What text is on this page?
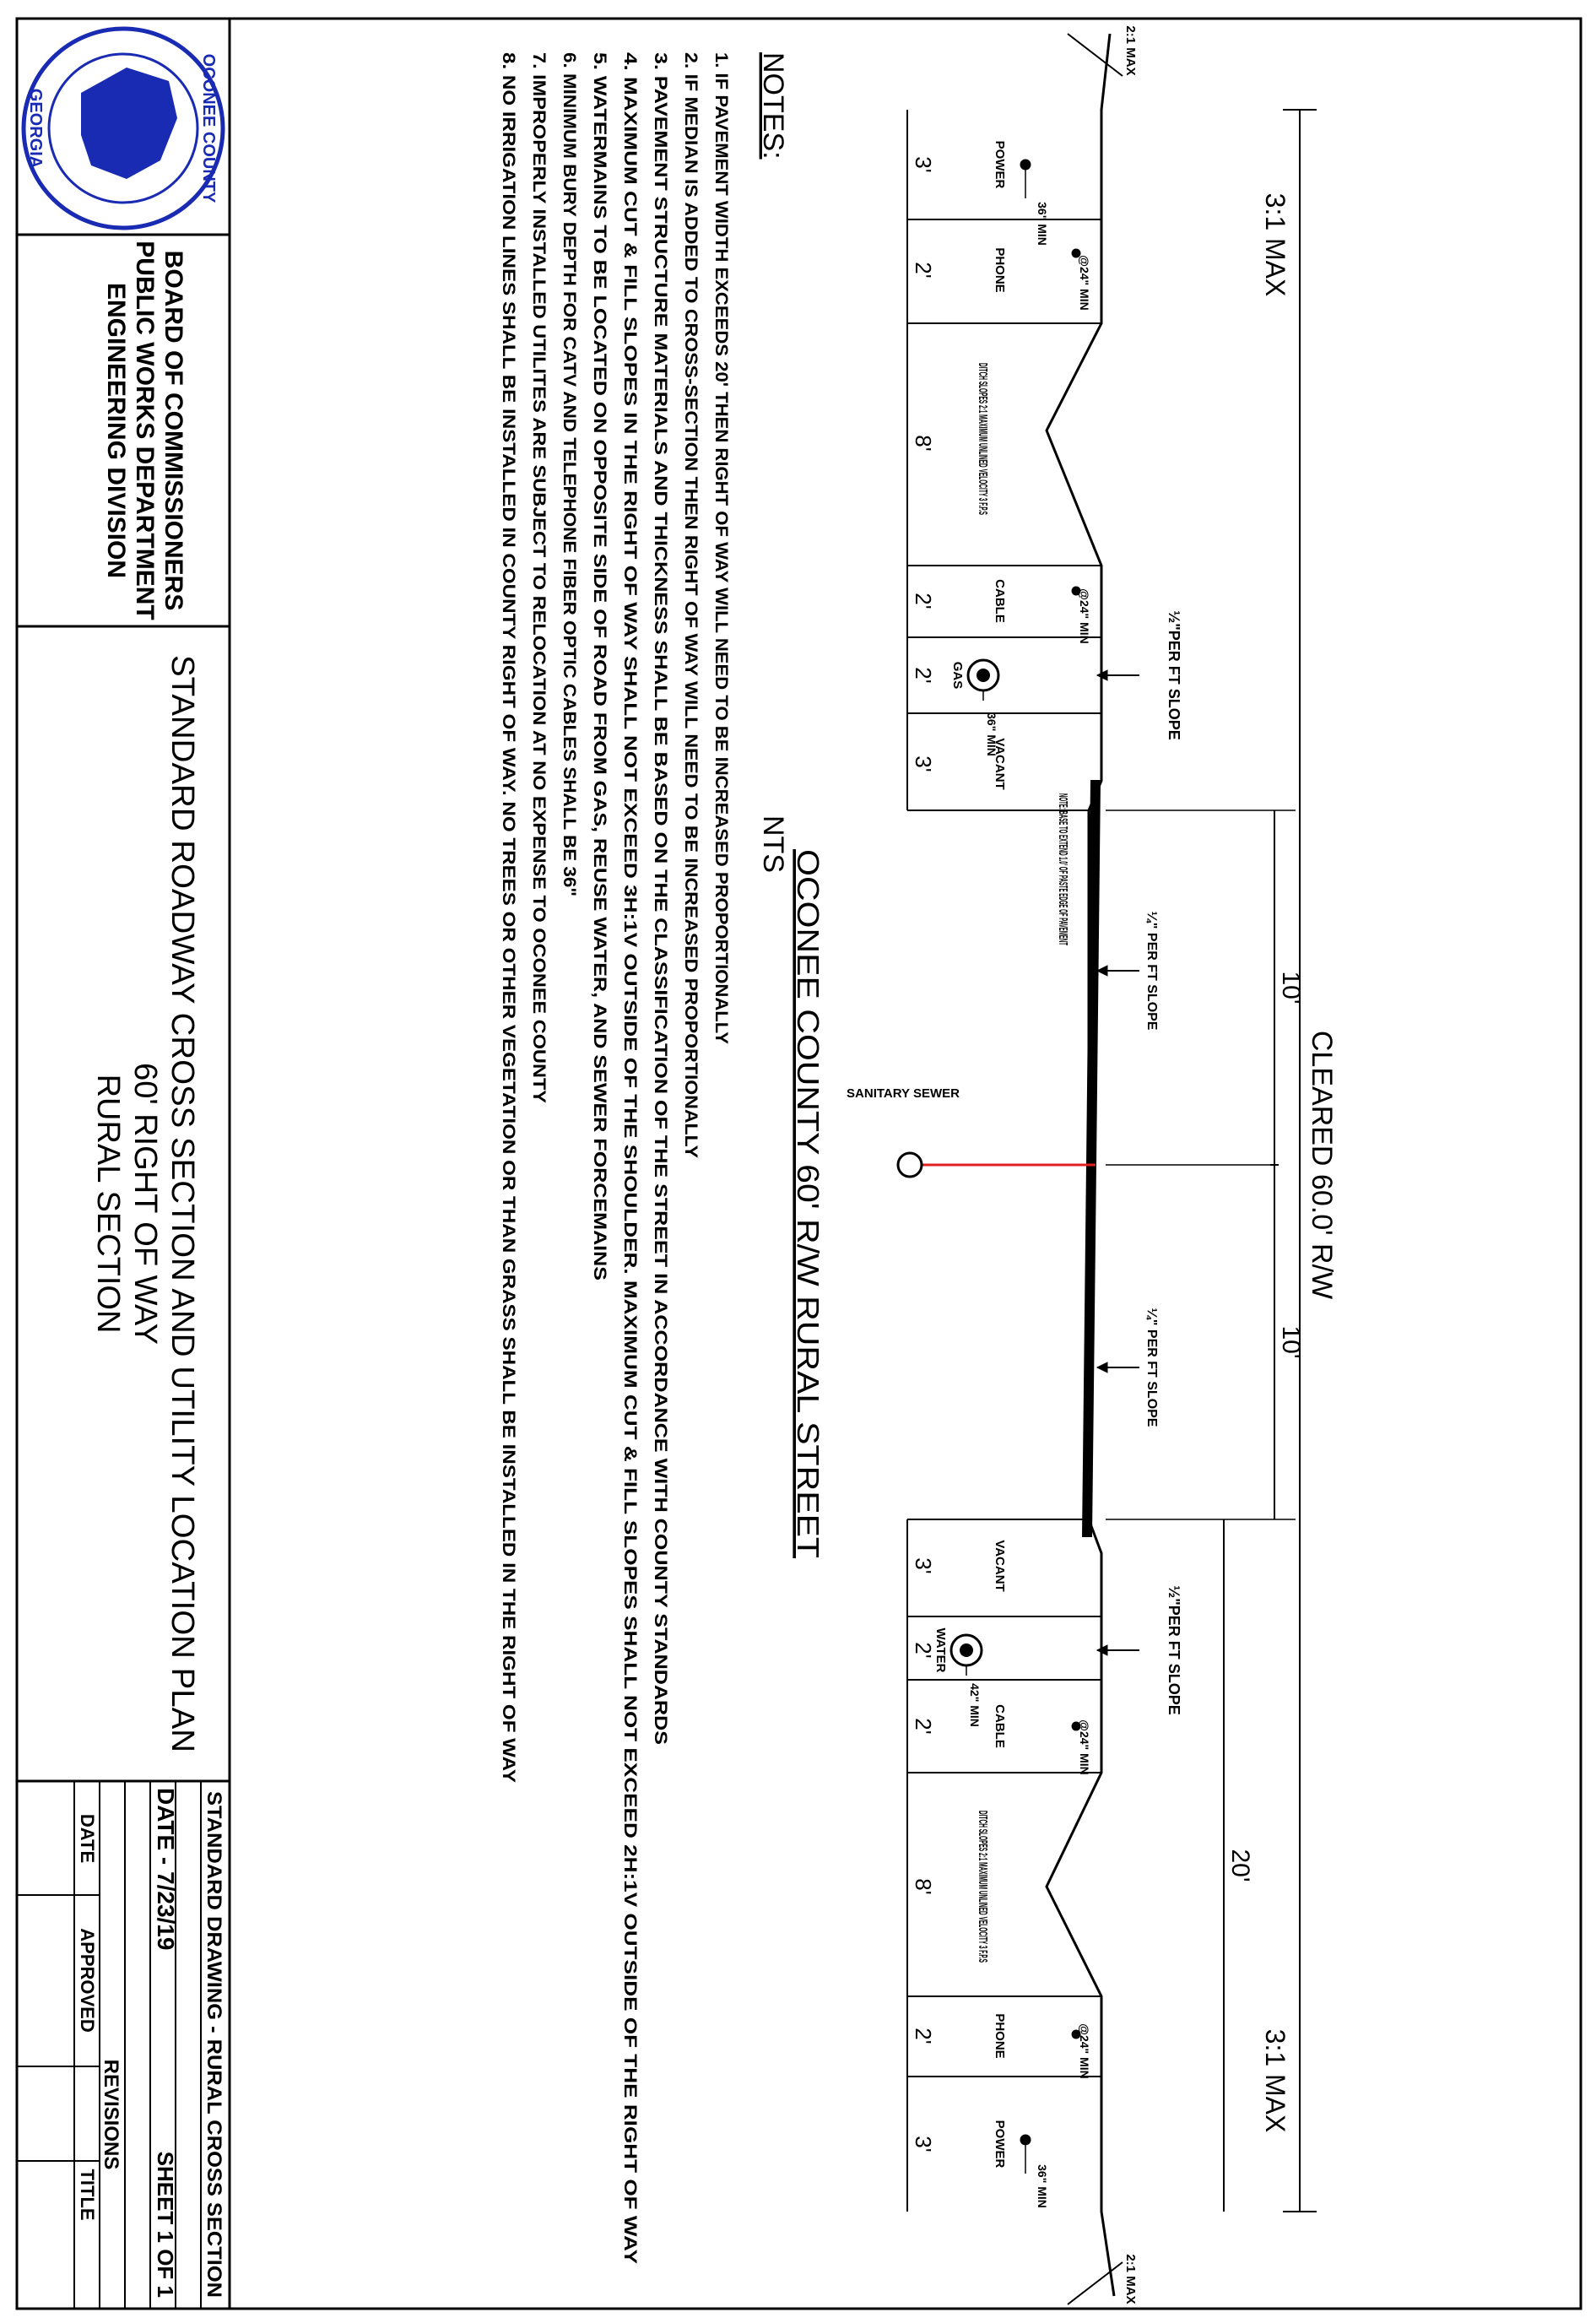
OCONEE COUNTY
GEORGIA
1875
BOARD OF COMMISSIONERS
PUBLIC WORKS DEPARTMENT
ENGINEERING DIVISION
STANDARD ROADWAY CROSS SECTION AND UTILITY LOCATION PLAN
60' RIGHT OF WAY
RURAL SECTION
STANDARD DRAWING - RURAL CROSS SECTION
DATE - 7/23/19
SHEET 1 OF 1
REVISIONS
DATE
APPROVED
TITLE
NOTES:
1. IF PAVEMENT WIDTH EXCEEDS 20' THEN RIGHT OF WAY WILL NEED TO BE INCREASED PROPORTIONALLY
2. IF MEDIAN IS ADDED TO CROSS-SECTION THEN RIGHT OF WAY WILL NEED TO BE INCREASED PROPORTIONALLY
3. PAVEMENT STRUCTURE MATERIALS AND THICKNESS SHALL BE BASED ON THE CLASSIFICATION OF THE STREET IN ACCORDANCE WITH COUNTY STANDARDS
4. MAXIMUM CUT & FILL SLOPES IN THE RIGHT OF WAY SHALL NOT EXCEED 3H:1V OUTSIDE OF THE SHOULDER. MAXIMUM CUT & FILL SLOPES SHALL NOT EXCEED 2H:1V OUTSIDE OF THE RIGHT OF WAY
5. WATERMAINS TO BE LOCATED ON OPPOSITE SIDE OF ROAD FROM GAS, REUSE WATER, AND SEWER FORCEMAINS
6. MINIMUM BURY DEPTH FOR CATV AND TELEPHONE FIBER OPTIC CABLES SHALL BE 36"
7. IMPROPERLY INSTALLED UTILITES ARE SUBJECT TO RELOCATION AT NO EXPENSE TO OCONEE COUNTY
8. NO IRRIGATION LINES SHALL BE INSTALLED IN COUNTY RIGHT OF WAY. NO TREES OR OTHER VEGETATION OR THAN GRASS SHALL BE INSTALLED IN THE RIGHT OF WAY	OCONEE COUNTY 60' R/W RURAL STREET
NTS
3:1 MAX
3:1 MAX
2:1 MAX
2:1 MAX
CLEARED 60.0' R/W
10'
10'
20'
¼" PER FT SLOPE
¼" PER FT SLOPE
½"PER FT SLOPE
½"PER FT SLOPE
NOTE: BASE TO EXTEND 1.0' OF PASTE EDGE OF PAVEMENT
SANITARY SEWER
DITCH SLOPES 2:1 MAXIMUM UNLINED VELOCITY 3 F.P.S
DITCH SLOPES 2:1 MAXIMUM UNLINED VELOCITY 3 F.P.S
POWER
36" MIN
3'
PHONE	@24" MIN
2'
8'
CABLE	@24" MIN
2'
GAS
36" MIN
2'
VACANT
3'
VACANT
3'
WATER
42" MIN
2'
CABLE	@24" MIN
2'
8'
PHONE	@24" MIN
2'
POWER
36" MIN
3'
